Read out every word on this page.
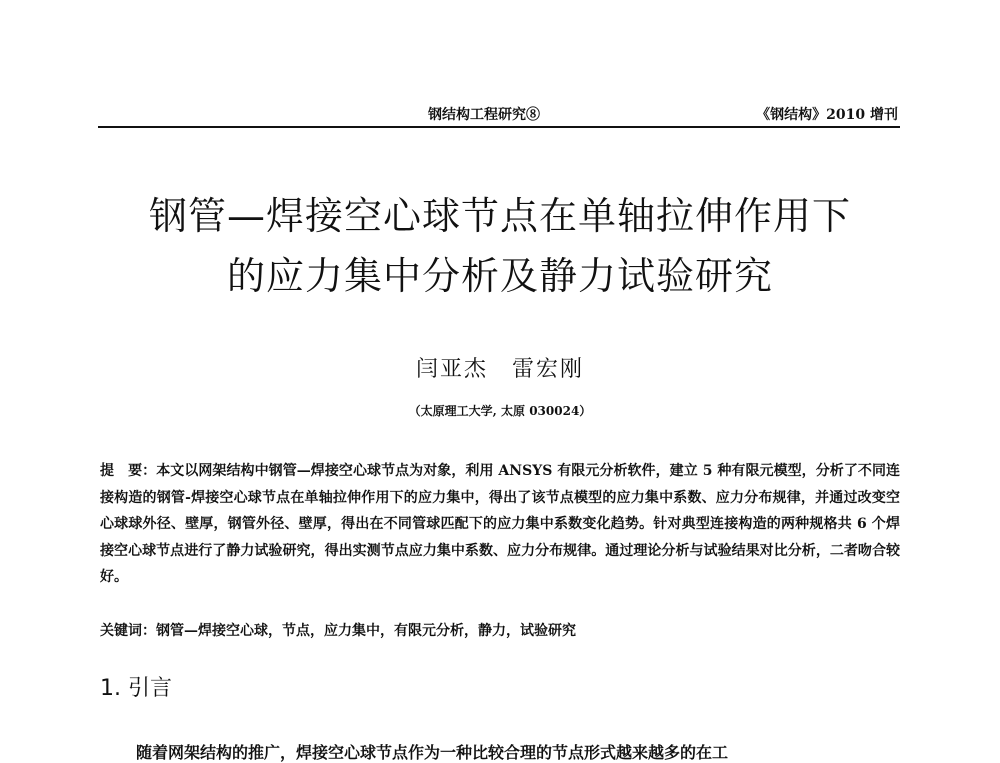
钢结构工程研究⑧	《钢结构》2010 增刊
钢管—焊接空心球节点在单轴拉伸作用下
的应力集中分析及静力试验研究
闫亚杰　雷宏刚
（太原理工大学, 太原 030024）
提　要：本文以网架结构中钢管—焊接空心球节点为对象，利用 ANSYS 有限元分析软件，建立 5 种有限元模型，分析了不同连接构造的钢管-焊接空心球节点在单轴拉伸作用下的应力集中，得出了该节点模型的应力集中系数、应力分布规律，并通过改变空心球球外径、壁厚，钢管外径、壁厚，得出在不同管球匹配下的应力集中系数变化趋势。针对典型连接构造的两种规格共 6 个焊接空心球节点进行了静力试验研究，得出实测节点应力集中系数、应力分布规律。通过理论分析与试验结果对比分析，二者吻合较好。
关键词：钢管—焊接空心球，节点，应力集中，有限元分析，静力，试验研究
1. 引言
随着网架结构的推广，焊接空心球节点作为一种比较合理的节点形式越来越多的在工
